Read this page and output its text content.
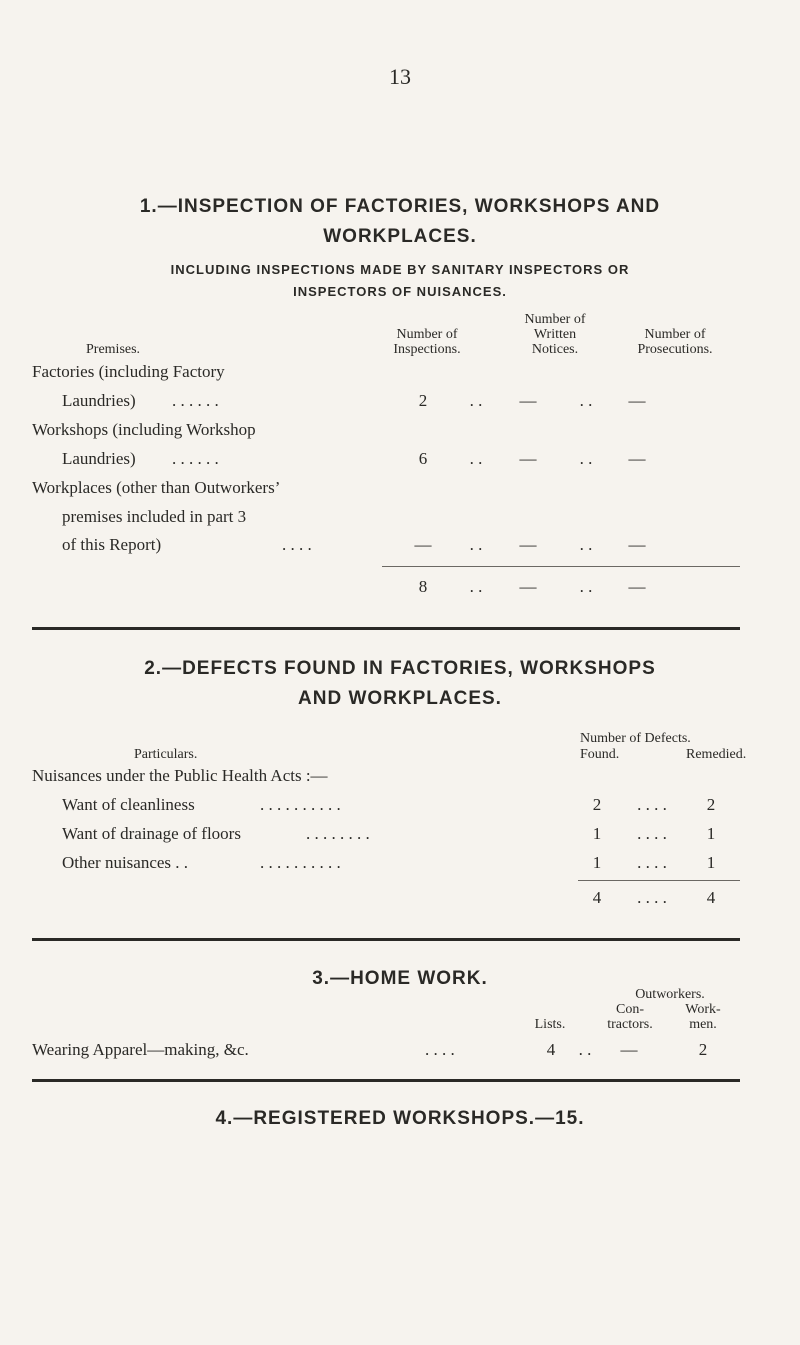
13
1.—INSPECTION OF FACTORIES, WORKSHOPS AND
WORKPLACES.
INCLUDING INSPECTIONS MADE BY SANITARY INSPECTORS OR
INSPECTORS OF NUISANCES.
Premises.
Number of
Inspections.
Number of
Written
Notices.
Number of
Prosecutions.
Factories (including Factory
Laundries) . . . . . .	2	. .	—	. .	—
Workshops (including Workshop
Laundries) . . . . . .	6	. .	—	. .	—
Workplaces (other than Outworkers’
premises included in part 3
of this Report)	. . . .	—	. .	—	. .	—
8	. .	—	. .	—
2.—DEFECTS FOUND IN FACTORIES, WORKSHOPS
AND WORKPLACES.
Particulars.
Number of Defects.
Found.	Remedied.
Nuisances under the Public Health Acts :—
Want of cleanliness	. . . . . . . . . .	2	. . . .	2
Want of drainage of floors	. . . . . . . .	1	. . . .	1
Other nuisances . .	. . . . . . . . . .	1	. . . .	1
4	. . . .	4
3.—HOME WORK.
Outworkers.
Con-	Work-
Lists.	tractors.	men.
Wearing Apparel—making, &c.	. . . .	4	. .	—	2
4.—REGISTERED WORKSHOPS.—15.
